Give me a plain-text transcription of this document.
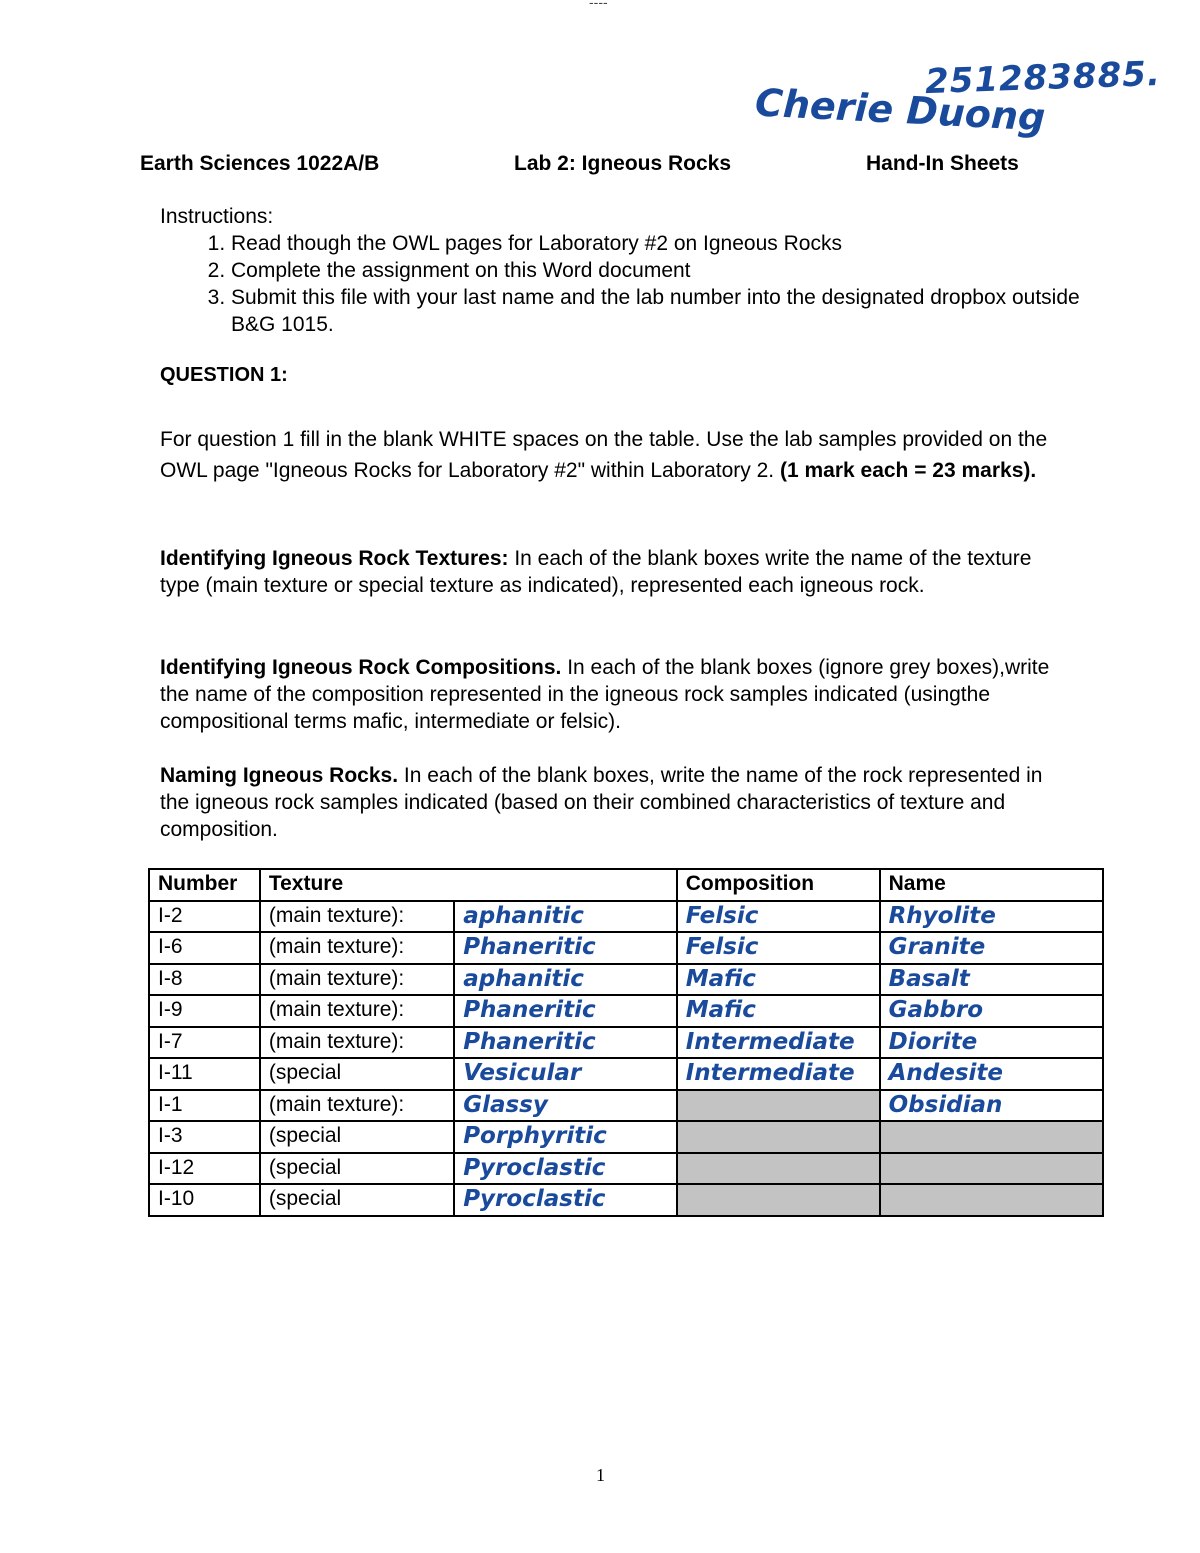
----
251283885.
Cherie Duong
Earth Sciences 1022A/B	Lab 2: Igneous Rocks	Hand-In Sheets
Instructions:
1. Read though the OWL pages for Laboratory #2 on Igneous Rocks
2. Complete the assignment on this Word document
3. Submit this file with your last name and the lab number into the designated dropbox outside B&G 1015.
QUESTION 1:
For question 1 fill in the blank WHITE spaces on the table. Use the lab samples provided on the OWL page "Igneous Rocks for Laboratory #2" within Laboratory 2. (1 mark each = 23 marks).
Identifying Igneous Rock Textures: In each of the blank boxes write the name of the texture type (main texture or special texture as indicated), represented each igneous rock.
Identifying Igneous Rock Compositions. In each of the blank boxes (ignore grey boxes),write the name of the composition represented in the igneous rock samples indicated (usingthe compositional terms mafic, intermediate or felsic).
Naming Igneous Rocks. In each of the blank boxes, write the name of the rock represented in the igneous rock samples indicated (based on their combined characteristics of texture and composition.
Number	Texture		Composition	Name
I-2	(main texture):	aphanitic	Felsic	Rhyolite
I-6	(main texture):	Phaneritic	Felsic	Granite
I-8	(main texture):	aphanitic	Mafic	Basalt
I-9	(main texture):	Phaneritic	Mafic	Gabbro
I-7	(main texture):	Phaneritic	Intermediate	Diorite
I-11	(special	Vesicular	Intermediate	Andesite
I-1	(main texture):	Glassy		Obsidian
I-3	(special	Porphyritic		
I-12	(special	Pyroclastic		
I-10	(special	Pyroclastic		
1
